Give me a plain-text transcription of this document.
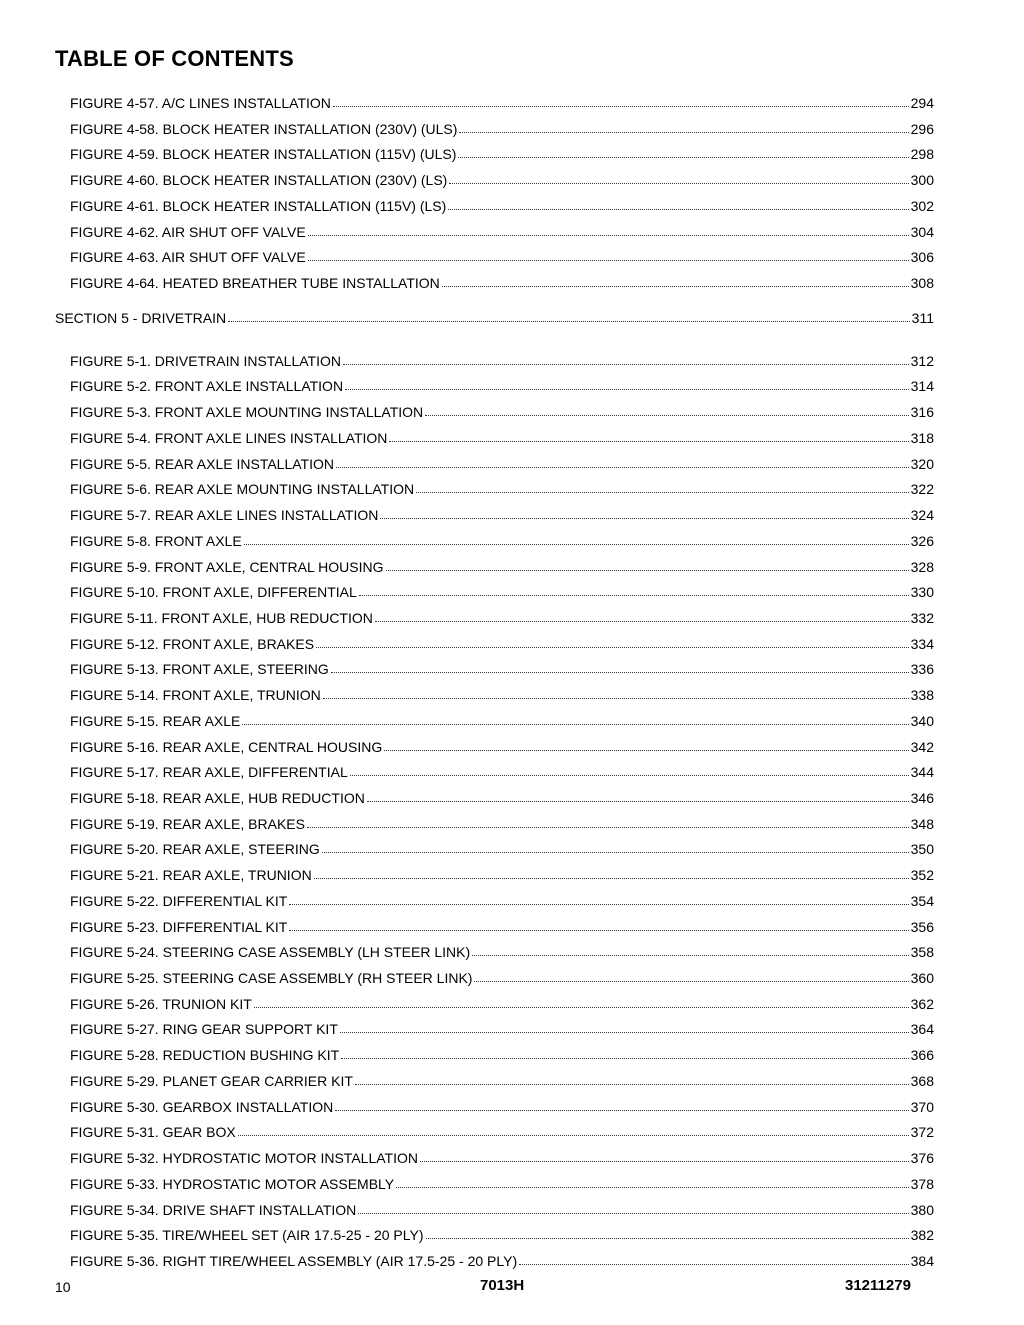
TABLE OF CONTENTS
FIGURE 4-57. A/C LINES INSTALLATION	294
FIGURE 4-58. BLOCK HEATER INSTALLATION (230V) (ULS)	296
FIGURE 4-59. BLOCK HEATER INSTALLATION (115V) (ULS)	298
FIGURE 4-60. BLOCK HEATER INSTALLATION (230V) (LS)	300
FIGURE 4-61. BLOCK HEATER INSTALLATION (115V) (LS)	302
FIGURE 4-62. AIR SHUT OFF VALVE	304
FIGURE 4-63. AIR SHUT OFF VALVE	306
FIGURE 4-64. HEATED BREATHER TUBE INSTALLATION	308
SECTION 5 - DRIVETRAIN	311
FIGURE 5-1. DRIVETRAIN INSTALLATION	312
FIGURE 5-2. FRONT AXLE INSTALLATION	314
FIGURE 5-3. FRONT AXLE MOUNTING INSTALLATION	316
FIGURE 5-4. FRONT AXLE LINES INSTALLATION	318
FIGURE 5-5. REAR AXLE INSTALLATION	320
FIGURE 5-6. REAR AXLE MOUNTING INSTALLATION	322
FIGURE 5-7. REAR AXLE LINES INSTALLATION	324
FIGURE 5-8. FRONT AXLE	326
FIGURE 5-9. FRONT AXLE, CENTRAL HOUSING	328
FIGURE 5-10. FRONT AXLE, DIFFERENTIAL	330
FIGURE 5-11. FRONT AXLE, HUB REDUCTION	332
FIGURE 5-12. FRONT AXLE, BRAKES	334
FIGURE 5-13. FRONT AXLE, STEERING	336
FIGURE 5-14. FRONT AXLE, TRUNION	338
FIGURE 5-15. REAR AXLE	340
FIGURE 5-16. REAR AXLE, CENTRAL HOUSING	342
FIGURE 5-17. REAR AXLE, DIFFERENTIAL	344
FIGURE 5-18. REAR AXLE, HUB REDUCTION	346
FIGURE 5-19. REAR AXLE, BRAKES	348
FIGURE 5-20. REAR AXLE, STEERING	350
FIGURE 5-21. REAR AXLE, TRUNION	352
FIGURE 5-22. DIFFERENTIAL KIT	354
FIGURE 5-23. DIFFERENTIAL KIT	356
FIGURE 5-24. STEERING CASE ASSEMBLY (LH STEER LINK)	358
FIGURE 5-25. STEERING CASE ASSEMBLY (RH STEER LINK)	360
FIGURE 5-26. TRUNION KIT	362
FIGURE 5-27. RING GEAR SUPPORT KIT	364
FIGURE 5-28. REDUCTION BUSHING KIT	366
FIGURE 5-29. PLANET GEAR CARRIER KIT	368
FIGURE 5-30. GEARBOX INSTALLATION	370
FIGURE 5-31. GEAR BOX	372
FIGURE 5-32. HYDROSTATIC MOTOR INSTALLATION	376
FIGURE 5-33. HYDROSTATIC MOTOR ASSEMBLY	378
FIGURE 5-34. DRIVE SHAFT INSTALLATION	380
FIGURE 5-35. TIRE/WHEEL SET (AIR 17.5-25 - 20 PLY)	382
FIGURE 5-36. RIGHT TIRE/WHEEL ASSEMBLY (AIR 17.5-25 - 20 PLY)	384
10	7013H	31211279
